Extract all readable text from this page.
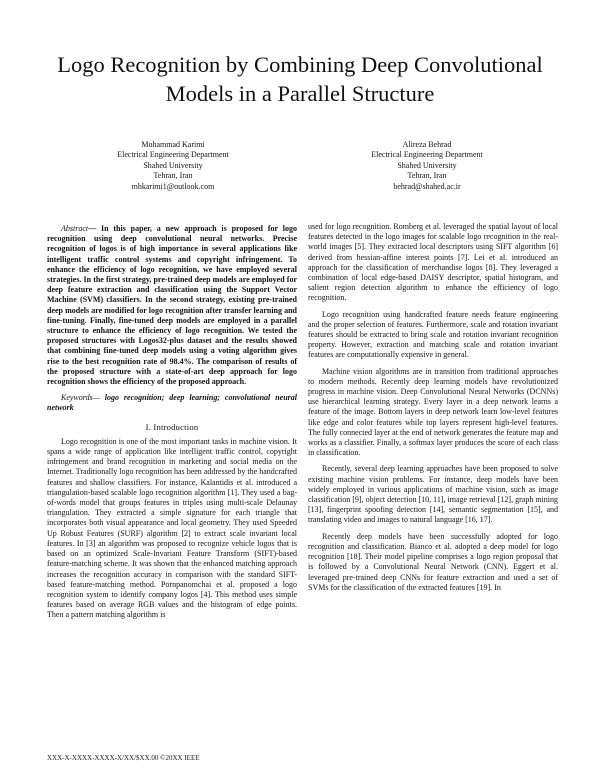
Logo Recognition by Combining Deep Convolutional Models in a Parallel Structure
Mohammad Karimi
Electrical Engineering Department
Shahed University
Tehran, Iran
mhkarimi1@outlook.com
Alireza Behrad
Electrical Engineering Department
Shahed University
Tehran, Iran
behrad@shahed.ac.ir

Abstract— In this paper, a new approach is proposed for logo recognition using deep convolutional neural networks. Precise recognition of logos is of high importance in several applications like intelligent traffic control systems and copyright infringement. To enhance the efficiency of logo recognition, we have employed several strategies. In the first strategy, pre-trained deep models are employed for deep feature extraction and classification using the Support Vector Machine (SVM) classifiers. In the second strategy, existing pre-trained deep models are modified for logo recognition after transfer learning and fine-tuning. Finally, fine-tuned deep models are employed in a parallel structure to enhance the efficiency of logo recognition. We tested the proposed structures with Logos32-plus dataset and the results showed that combining fine-tuned deep models using a voting algorithm gives rise to the best recognition rate of 98.4%. The comparison of results of the proposed structure with a state-of-art deep approach for logo recognition shows the efficiency of the proposed approach.

Keywords— logo recognition; deep learning; convolutional neural network

I. Introduction

Logo recognition is one of the most important tasks in machine vision. It spans a wide range of application like intelligent traffic control, copyright infringement and brand recognition in marketing and social media on the Internet. Traditionally logo recognition has been addressed by the handcrafted features and shallow classifiers. For instance, Kalantidis et al. introduced a triangulation-based scalable logo recognition algorithm [1]. They used a bag-of-words model that groups features in triples using multi-scale Delaunay triangulation. They extracted a simple signature for each triangle that incorporates both visual appearance and local geometry. They used Speeded Up Robust Features (SURF) algorithm [2] to extract scale invariant local features. In [3] an algorithm was proposed to recognize vehicle logos that is based on an optimized Scale-Invariant Feature Transform (SIFT)-based feature-matching scheme. It was shown that the enhanced matching approach increases the recognition accuracy in comparison with the standard SIFT-based feature-matching method. Pornpanomchai et al. proposed a logo recognition system to identify company logos [4]. This method uses simple features based on average RGB values and the histogram of edge points. Then a pattern matching algorithm is

used for logo recognition. Romberg et al. leveraged the spatial layout of local features detected in the logo images for scalable logo recognition in the real-world images [5]. They extracted local descriptors using SIFT algorithm [6] derived from hessian-affine interest points [7]. Lei et al. introduced an approach for the classification of merchandise logos [8]. They leveraged a combination of local edge-based DAISY descriptor, spatial histogram, and salient region detection algorithm to enhance the efficiency of logo recognition.

Logo recognition using handcrafted feature needs feature engineering and the proper selection of features. Furthermore, scale and rotation invariant features should be extracted to bring scale and rotation invariant recognition property. However, extraction and matching scale and rotation invariant features are computationally expensive in general.

Machine vision algorithms are in transition from traditional approaches to modern methods. Recently deep learning models have revolutionized progress in machine vision. Deep Convolutional Neural Networks (DCNNs) use hierarchical learning strategy. Every layer in a deep network learns a feature of the image. Bottom layers in deep network learn low-level features like edge and color features while top layers represent high-level features. The fully connected layer at the end of network generates the feature map and works as a classifier. Finally, a softmax layer produces the score of each class in classification.

Recently, several deep learning approaches have been proposed to solve existing machine vision problems. For instance, deep models have been widely employed in various applications of machine vision, such as image classification [9], object detection [10, 11], image retrieval [12], graph mining [13], fingerprint spoofing detection [14], semantic segmentation [15], and translating video and images to natural language [16, 17].

Recently deep models have been successfully adopted for logo recognition and classification. Bianco et al. adopted a deep model for logo recognition [18]. Their model pipeline comprises a logo region proposal that is followed by a Convolutional Neural Network (CNN). Eggert et al. leveraged pre-trained deep CNNs for feature extraction and used a set of SVMs for the classification of the extracted features [19]. In

XXX-X-XXXX-XXXX-X/XX/$XX.00 ©20XX IEEE
